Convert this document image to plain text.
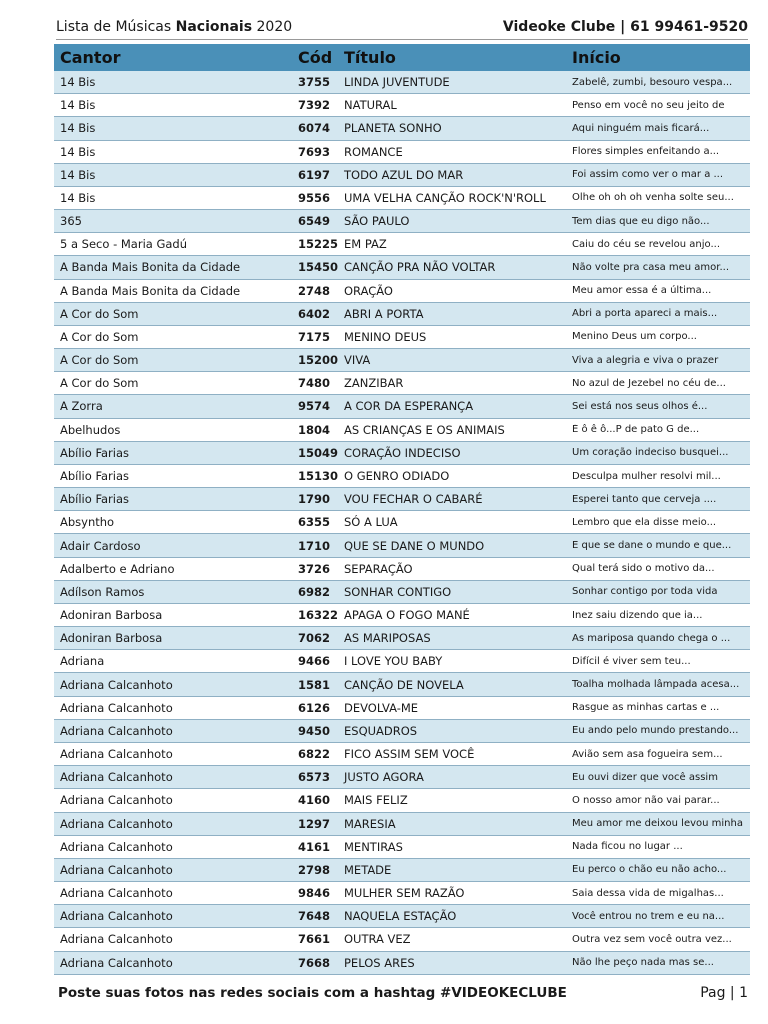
Lista de Músicas Nacionais 2020	Videoke Clube | 61 99461-9520
Cantor	Cód Título	Início
14 Bis	3755	LINDA JUVENTUDE	Zabelê, zumbi, besouro vespa...
14 Bis	7392	NATURAL	Penso em você no seu jeito de
14 Bis	6074	PLANETA SONHO	Aqui ninguém mais ficará...
14 Bis	7693	ROMANCE	Flores simples enfeitando a...
14 Bis	6197	TODO AZUL DO MAR	Foi assim como ver o mar a ...
14 Bis	9556	UMA VELHA CANÇÃO ROCK'N'ROLL	Olhe oh oh oh venha solte seu...
365	6549	SÃO PAULO	Tem dias que eu digo não...
5 a Seco - Maria Gadú	15225 EM PAZ	Caiu do céu se revelou anjo...
A Banda Mais Bonita da Cidade	15450 CANÇÃO PRA NÃO VOLTAR	Não volte pra casa meu amor...
A Banda Mais Bonita da Cidade	2748	ORAÇÃO	Meu amor essa é a última...
A Cor do Som	6402	ABRI A PORTA	Abri a porta apareci a mais...
A Cor do Som	7175	MENINO DEUS	Menino Deus um corpo...
A Cor do Som	15200 VIVA	Viva a alegria e viva o prazer
A Cor do Som	7480	ZANZIBAR	No azul de Jezebel no céu de...
A Zorra	9574	A COR DA ESPERANÇA	Sei está nos seus olhos é...
Abelhudos	1804	AS CRIANÇAS E OS ANIMAIS	É ô ê ô...P de pato G de...
Abílio Farias	15049 CORAÇÃO INDECISO	Um coração indeciso busquei...
Abílio Farias	15130 O GENRO ODIADO	Desculpa mulher resolvi mil...
Abílio Farias	1790	VOU FECHAR O CABARÉ	Esperei tanto que cerveja ....
Absyntho	6355	SÓ A LUA	Lembro que ela disse meio...
Adair Cardoso	1710	QUE SE DANE O MUNDO	E que se dane o mundo e que...
Adalberto e Adriano	3726	SEPARAÇÃO	Qual terá sido o motivo da...
Adílson Ramos	6982	SONHAR CONTIGO	Sonhar contigo por toda vida
Adoniran Barbosa	16322 APAGA O FOGO MANÉ	Inez saiu dizendo que ia...
Adoniran Barbosa	7062	AS MARIPOSAS	As mariposa quando chega o ...
Adriana	9466	I LOVE YOU BABY	Difícil é viver sem teu...
Adriana Calcanhoto	1581	CANÇÃO DE NOVELA	Toalha molhada lâmpada acesa...
Adriana Calcanhoto	6126	DEVOLVA-ME	Rasgue as minhas cartas e ...
Adriana Calcanhoto	9450	ESQUADROS	Eu ando pelo mundo prestando...
Adriana Calcanhoto	6822	FICO ASSIM SEM VOCÊ	Avião sem asa fogueira sem...
Adriana Calcanhoto	6573	JUSTO AGORA	Eu ouvi dizer que você assim
Adriana Calcanhoto	4160	MAIS FELIZ	O nosso amor não vai parar...
Adriana Calcanhoto	1297	MARESIA	Meu amor me deixou levou minha
Adriana Calcanhoto	4161	MENTIRAS	Nada ficou no lugar ...
Adriana Calcanhoto	2798	METADE	Eu perco o chão eu não acho...
Adriana Calcanhoto	9846	MULHER SEM RAZÃO	Saia dessa vida de migalhas...
Adriana Calcanhoto	7648	NAQUELA ESTAÇÃO	Você entrou no trem e eu na...
Adriana Calcanhoto	7661	OUTRA VEZ	Outra vez sem você outra vez...
Adriana Calcanhoto	7668	PELOS ARES	Não lhe peço nada mas se...
Poste suas fotos nas redes sociais com a hashtag #VIDEOKECLUBE	Pag | 1
